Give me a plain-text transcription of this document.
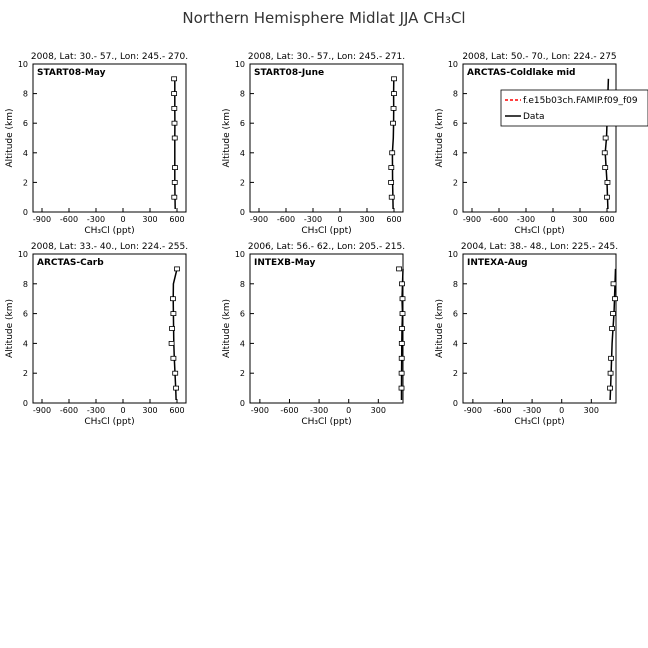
Northern Hemisphere Midlat JJA CH₃Cl
2008, Lat: 30.- 57., Lon: 245.- 270.
START08-May
0
2
4
6
8
10
-900 -600 -300 0 300 600
CH₃Cl (ppt)
Altitude (km)
2008, Lat: 30.- 57., Lon: 245.- 271.
START08-June
0
2
4
6
8
10
-900 -600 -300 0 300 600
CH₃Cl (ppt)
Altitude (km)
2008, Lat: 50.- 70., Lon: 224.- 275
ARCTAS-Coldlake mid
0
2
4
6
8
10
-900 -600 -300 0 300 600
CH₃Cl (ppt)
Altitude (km)
f.e15b03ch.FAMIP.f09_f09
Data
2008, Lat: 33.- 40., Lon: 224.- 255.
ARCTAS-Carb
0
2
4
6
8
10
-900 -600 -300 0 300 600
CH₃Cl (ppt)
Altitude (km)
2006, Lat: 56.- 62., Lon: 205.- 215.
INTEXB-May
0
2
4
6
8
10
-900 -600 -300 0 300
CH₃Cl (ppt)
Altitude (km)
2004, Lat: 38.- 48., Lon: 225.- 245.
INTEXA-Aug
0
2
4
6
8
10
-900 -600 -300 0 300
CH₃Cl (ppt)
Altitude (km)
